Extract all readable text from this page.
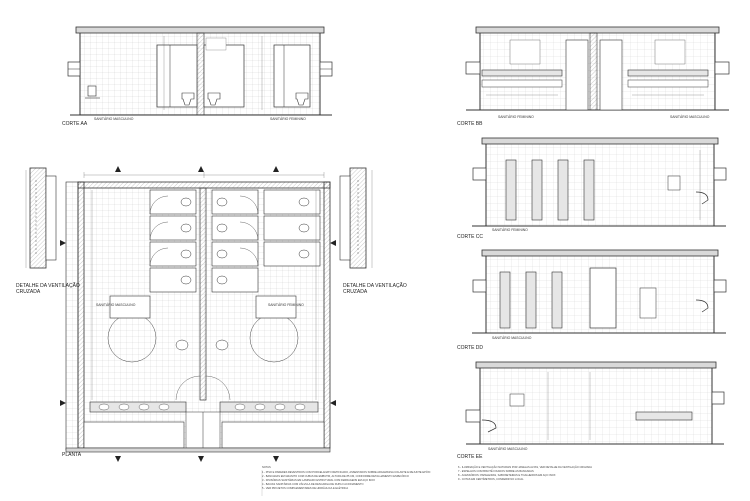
CORTE AA
SANITÁRIO MASCULINO	SANITÁRIO FEMININO
CORTE BB
SANITÁRIO FEMININO	SANITÁRIO MASCULINO
CORTE CC
SANITÁRIO FEMININO
CORTE DD
SANITÁRIO MASCULINO
CORTE EE
SANITÁRIO MASCULINO
PLANTA
SANITÁRIO MASCULINO	SANITÁRIO FEMININO
DETALHE DA VENTILAÇÃO
CRUZADA
DETALHE DA VENTILAÇÃO
CRUZADA
NOTAS
1 - PISO E PAREDES REVESTIDOS COM PORCELANATO RETIFICADO, ASSENTADOS SOBRE ARGAMASSA COLANTE E REJUNTE EPÓXI
2 - BANCADAS EM GRANITO COM CUBAS DE EMBUTIR, ALTURA DE 85 CM, CONFORME DETALHAMENTO ESPECÍFICO
3 - DIVISÓRIAS SANITÁRIAS EM LAMINADO ESTRUTURAL COM FERRAGENS EM AÇO INOX
4 - BACIAS SANITÁRIAS COM VÁLVULA DE DESCARGA DE DUPLO ACIONAMENTO
5 - VER PROJETOS COMPLEMENTARES DE HIDRÁULICA E ELÉTRICA
6 - ILUMINAÇÃO E VENTILAÇÃO NATURAIS POR JANELAS ALTAS, VER DETALHE DA VENTILAÇÃO CRUZADA
7 - ESPELHOS COM BISOTÊ FIXADOS SOBRE AS BANCADAS
8 - ACESSÓRIOS: PAPELEIRAS, SABONETEIRAS E TOALHEIROS EM AÇO INOX
9 - COTAS EM CENTÍMETROS, CONFERIR NO LOCAL
